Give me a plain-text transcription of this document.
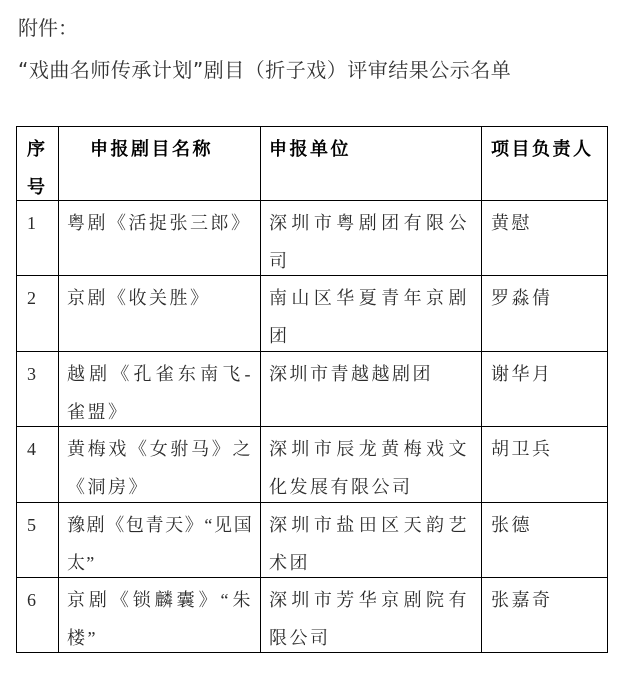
附件：
“戏曲名师传承计划”剧目（折子戏）评审结果公示名单
序号	申报剧目名称	申报单位	项目负责人

1	粤剧《活捉张三郎》	深圳市粤剧团有限公司	黄慰

2	京剧《收关胜》	南山区华夏青年京剧团	罗淼倩

3	越剧《孔雀东南飞-雀盟》	深圳市青越越剧团	谢华月

4	黄梅戏《女驸马》之《洞房》	深圳市辰龙黄梅戏文化发展有限公司	胡卫兵

5	豫剧《包青天》“见国太”	深圳市盐田区天韵艺术团	张德

6	京剧《锁麟囊》“朱楼”	深圳市芳华京剧院有限公司	张嘉奇
